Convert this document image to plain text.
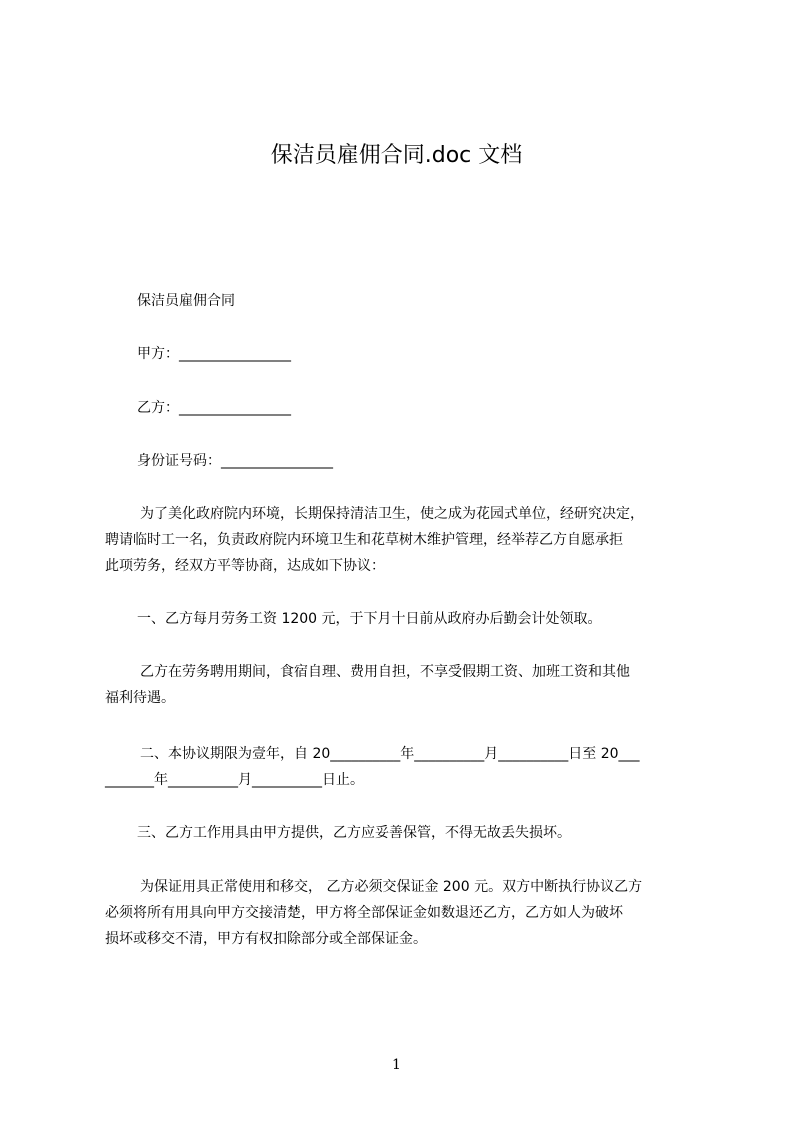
保洁员雇佣合同.doc 文档
保洁员雇佣合同
甲方：________________
乙方：________________
身份证号码：________________
为了美化政府院内环境，长期保持清洁卫生，使之成为花园式单位，经研究决定，
聘请临时工一名，负责政府院内环境卫生和花草树木维护管理，经举荐乙方自愿承拒
此项劳务，经双方平等协商，达成如下协议：
一、乙方每月劳务工资 1200 元，于下月十日前从政府办后勤会计处领取。
乙方在劳务聘用期间，食宿自理、费用自担，不享受假期工资、加班工资和其他
福利待遇。
二、本协议期限为壹年，自 20__________年__________月__________日至 20___
_______年__________月__________日止。
三、乙方工作用具由甲方提供，乙方应妥善保管，不得无故丢失损坏。
为保证用具正常使用和移交， 乙方必须交保证金 200 元。双方中断执行协议乙方
必须将所有用具向甲方交接清楚，甲方将全部保证金如数退还乙方，乙方如人为破坏
损坏或移交不清，甲方有权扣除部分或全部保证金。
1
